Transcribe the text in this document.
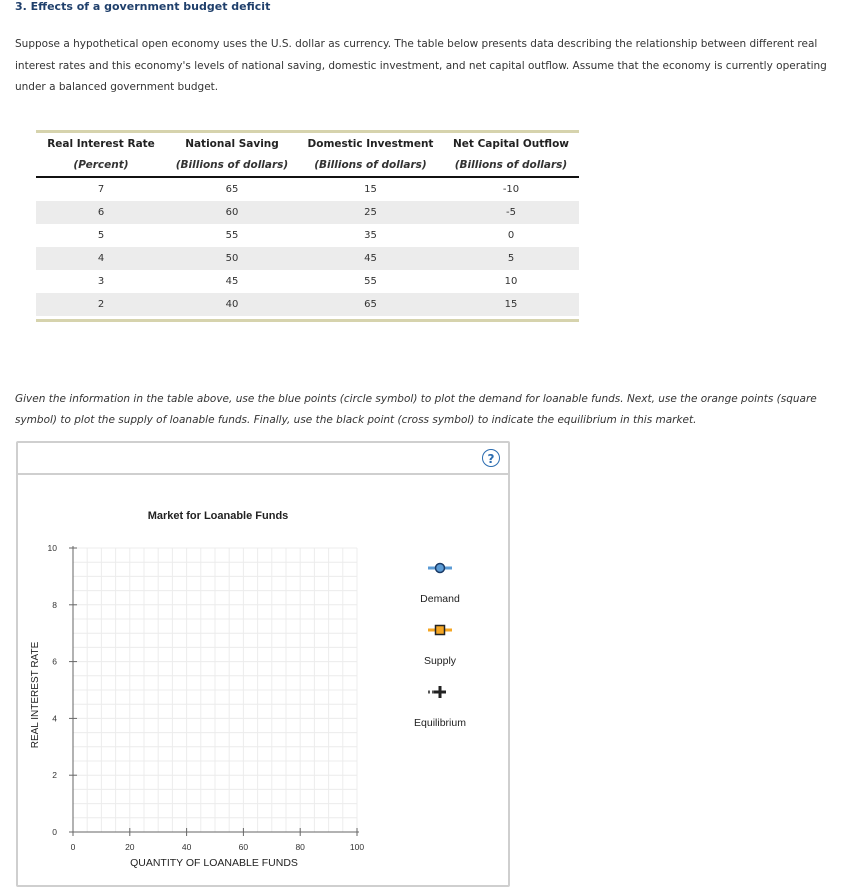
3. Effects of a government budget deficit
Suppose a hypothetical open economy uses the U.S. dollar as currency. The table below presents data describing the relationship between different real interest rates and this economy's levels of national saving, domestic investment, and net capital outflow. Assume that the economy is currently operating under a balanced government budget.
Real Interest Rate	National Saving	Domestic Investment	Net Capital Outflow
(Percent)	(Billions of dollars)	(Billions of dollars)	(Billions of dollars)
7	65	15	-10
6	60	25	-5
5	55	35	0
4	50	45	5
3	45	55	10
2	40	65	15
Given the information in the table above, use the blue points (circle symbol) to plot the demand for loanable funds. Next, use the orange points (square symbol) to plot the supply of loanable funds. Finally, use the black point (cross symbol) to indicate the equilibrium in this market.
?
Market for Loanable Funds
0	20	40	60	80	100
0
2
4
6
8
10
QUANTITY OF LOANABLE FUNDS
REAL INTEREST RATE
Demand
Supply
Equilibrium
